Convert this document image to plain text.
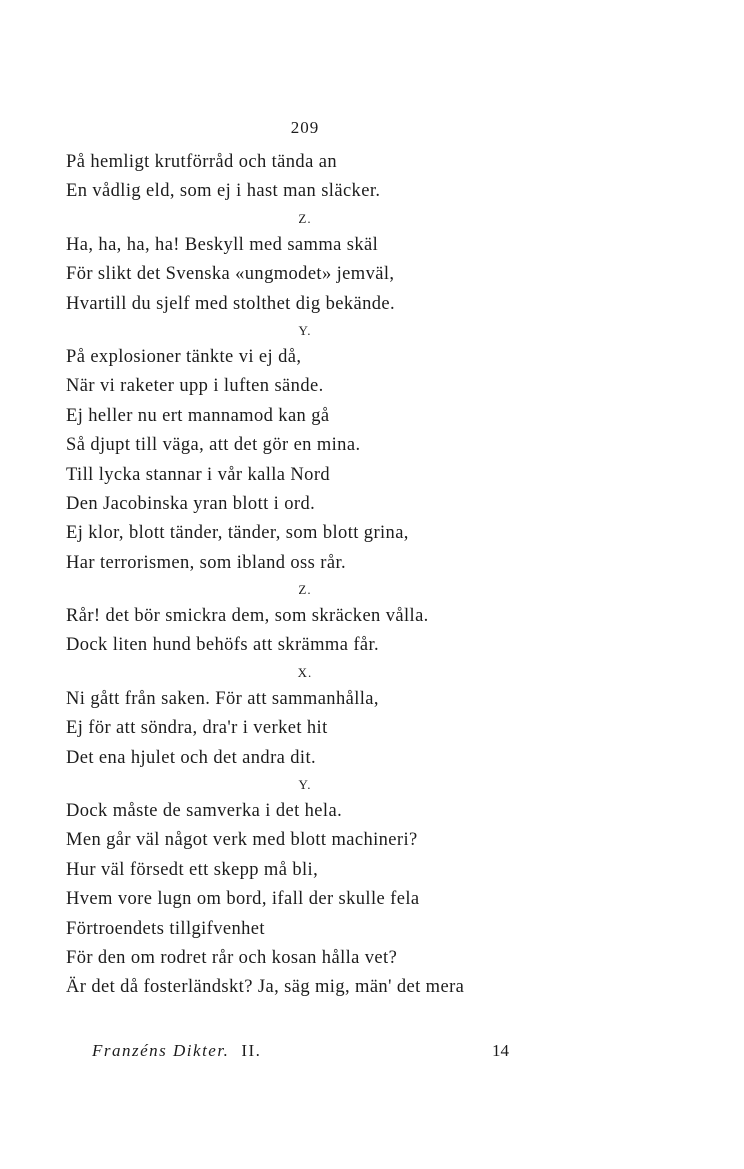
209
På hemligt krutförråd och tända an
En vådlig eld, som ej i hast man släcker.
Z.
Ha, ha, ha, ha! Beskyll med samma skäl
För slikt det Svenska «ungmodet» jemväl,
Hvartill du sjelf med stolthet dig bekände.
Y.
På explosioner tänkte vi ej då,
När vi raketer upp i luften sände.
Ej heller nu ert mannamod kan gå
Så djupt till väga, att det gör en mina.
Till lycka stannar i vår kalla Nord
Den Jacobinska yran blott i ord.
Ej klor, blott tänder, tänder, som blott grina,
Har terrorismen, som ibland oss rår.
Z.
Rår! det bör smickra dem, som skräcken vålla.
Dock liten hund behöfs att skrämma får.
X.
Ni gått från saken. För att sammanhålla,
Ej för att söndra, dra'r i verket hit
Det ena hjulet och det andra dit.
Y.
Dock måste de samverka i det hela.
Men går väl något verk med blott machineri?
Hur väl försedt ett skepp må bli,
Hvem vore lugn om bord, ifall der skulle fela
Förtroendets tillgifvenhet
För den om rodret rår och kosan hålla vet?
Är det då fosterländskt? Ja, säg mig, män' det mera
Franzéns Dikter. II.	14
